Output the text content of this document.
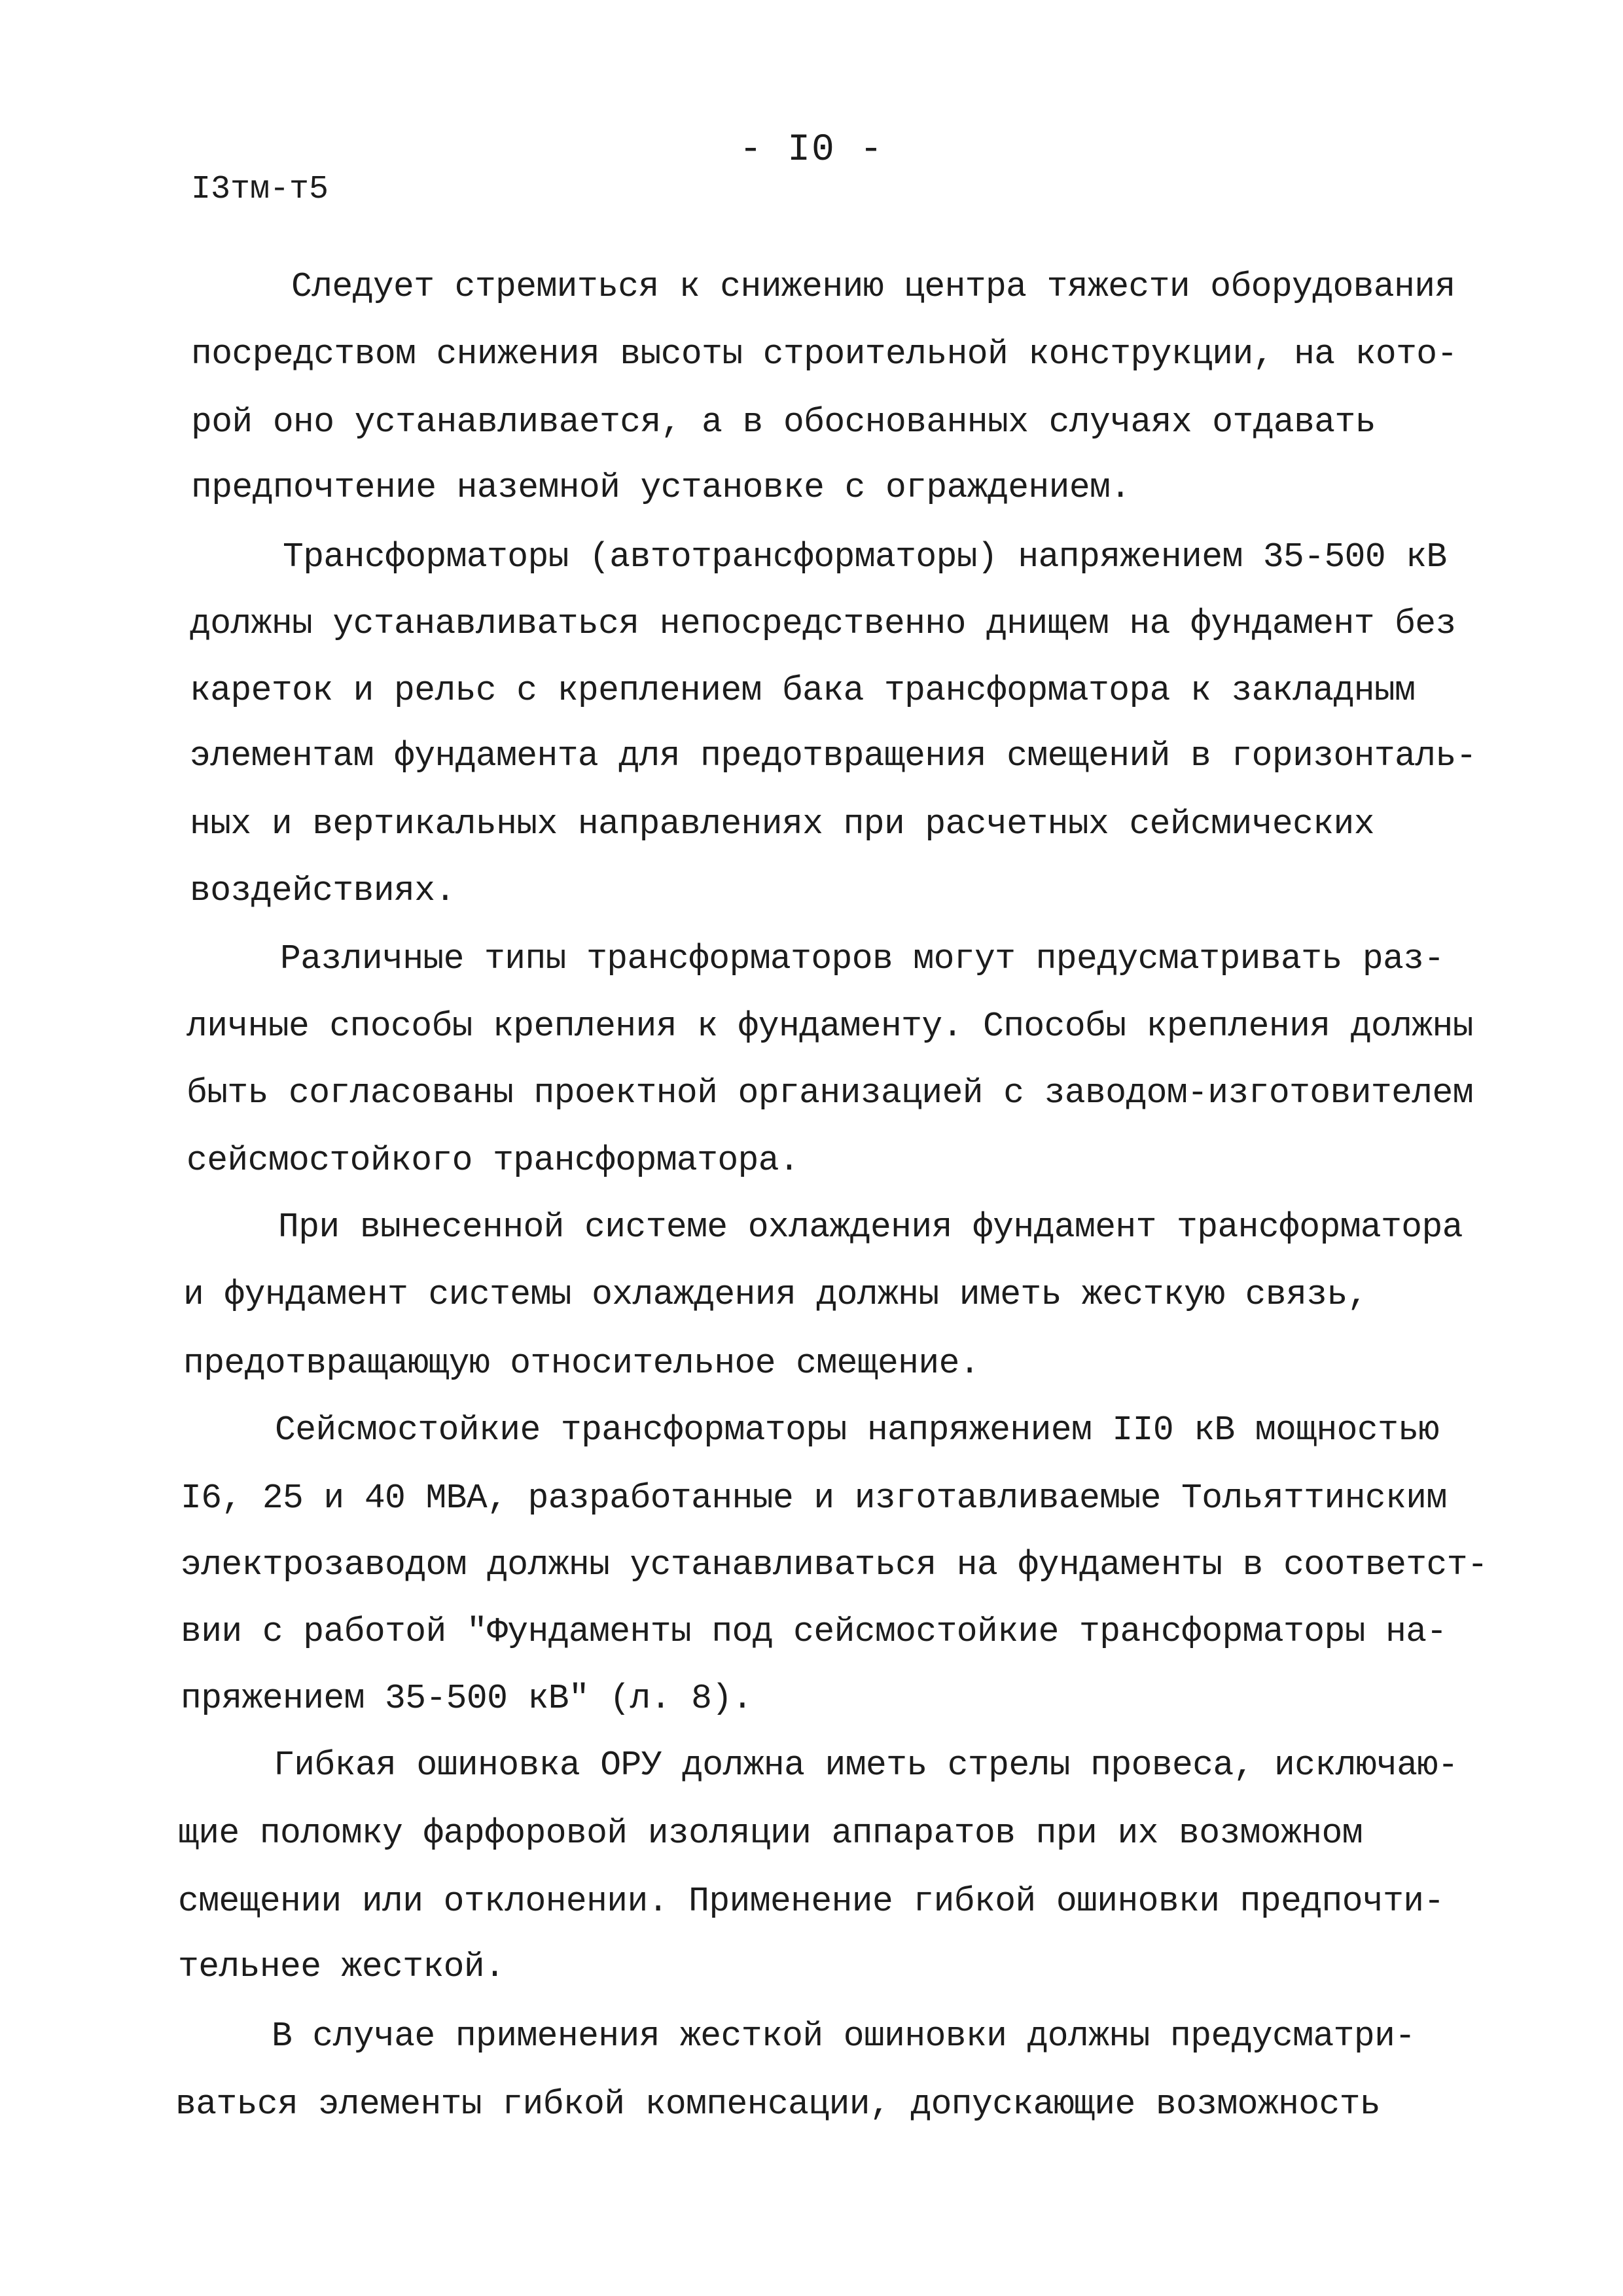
- I0 -
I3тм-т5
Следует стремиться к снижению центра тяжести оборудования
посредством снижения высоты строительной конструкции, на кото-
рой оно устанавливается, а в обоснованных случаях отдавать
предпочтение наземной установке с ограждением.
Трансформаторы (автотрансформаторы) напряжением 35-500 кВ
должны устанавливаться непосредственно днищем на фундамент без
кареток и рельс с креплением бака трансформатора к закладным
элементам фундамента для предотвращения смещений в горизонталь-
ных и вертикальных направлениях при расчетных сейсмических
воздействиях.
Различные типы трансформаторов могут предусматривать раз-
личные способы крепления к фундаменту. Способы крепления должны
быть согласованы проектной организацией с заводом-изготовителем
сейсмостойкого трансформатора.
При вынесенной системе охлаждения фундамент трансформатора
и фундамент системы охлаждения должны иметь жесткую связь,
предотвращающую относительное смещение.
Сейсмостойкие трансформаторы напряжением II0 кВ мощностью
I6, 25 и 40 МВА, разработанные и изготавливаемые Тольяттинским
электрозаводом должны устанавливаться на фундаменты в соответст-
вии с работой "Фундаменты под сейсмостойкие трансформаторы на-
пряжением 35-500 кВ" (л. 8).
Гибкая ошиновка ОРУ должна иметь стрелы провеса, исключаю-
щие поломку фарфоровой изоляции аппаратов при их возможном
смещении или отклонении. Применение гибкой ошиновки предпочти-
тельнее жесткой.
В случае применения жесткой ошиновки должны предусматри-
ваться элементы гибкой компенсации, допускающие возможность
